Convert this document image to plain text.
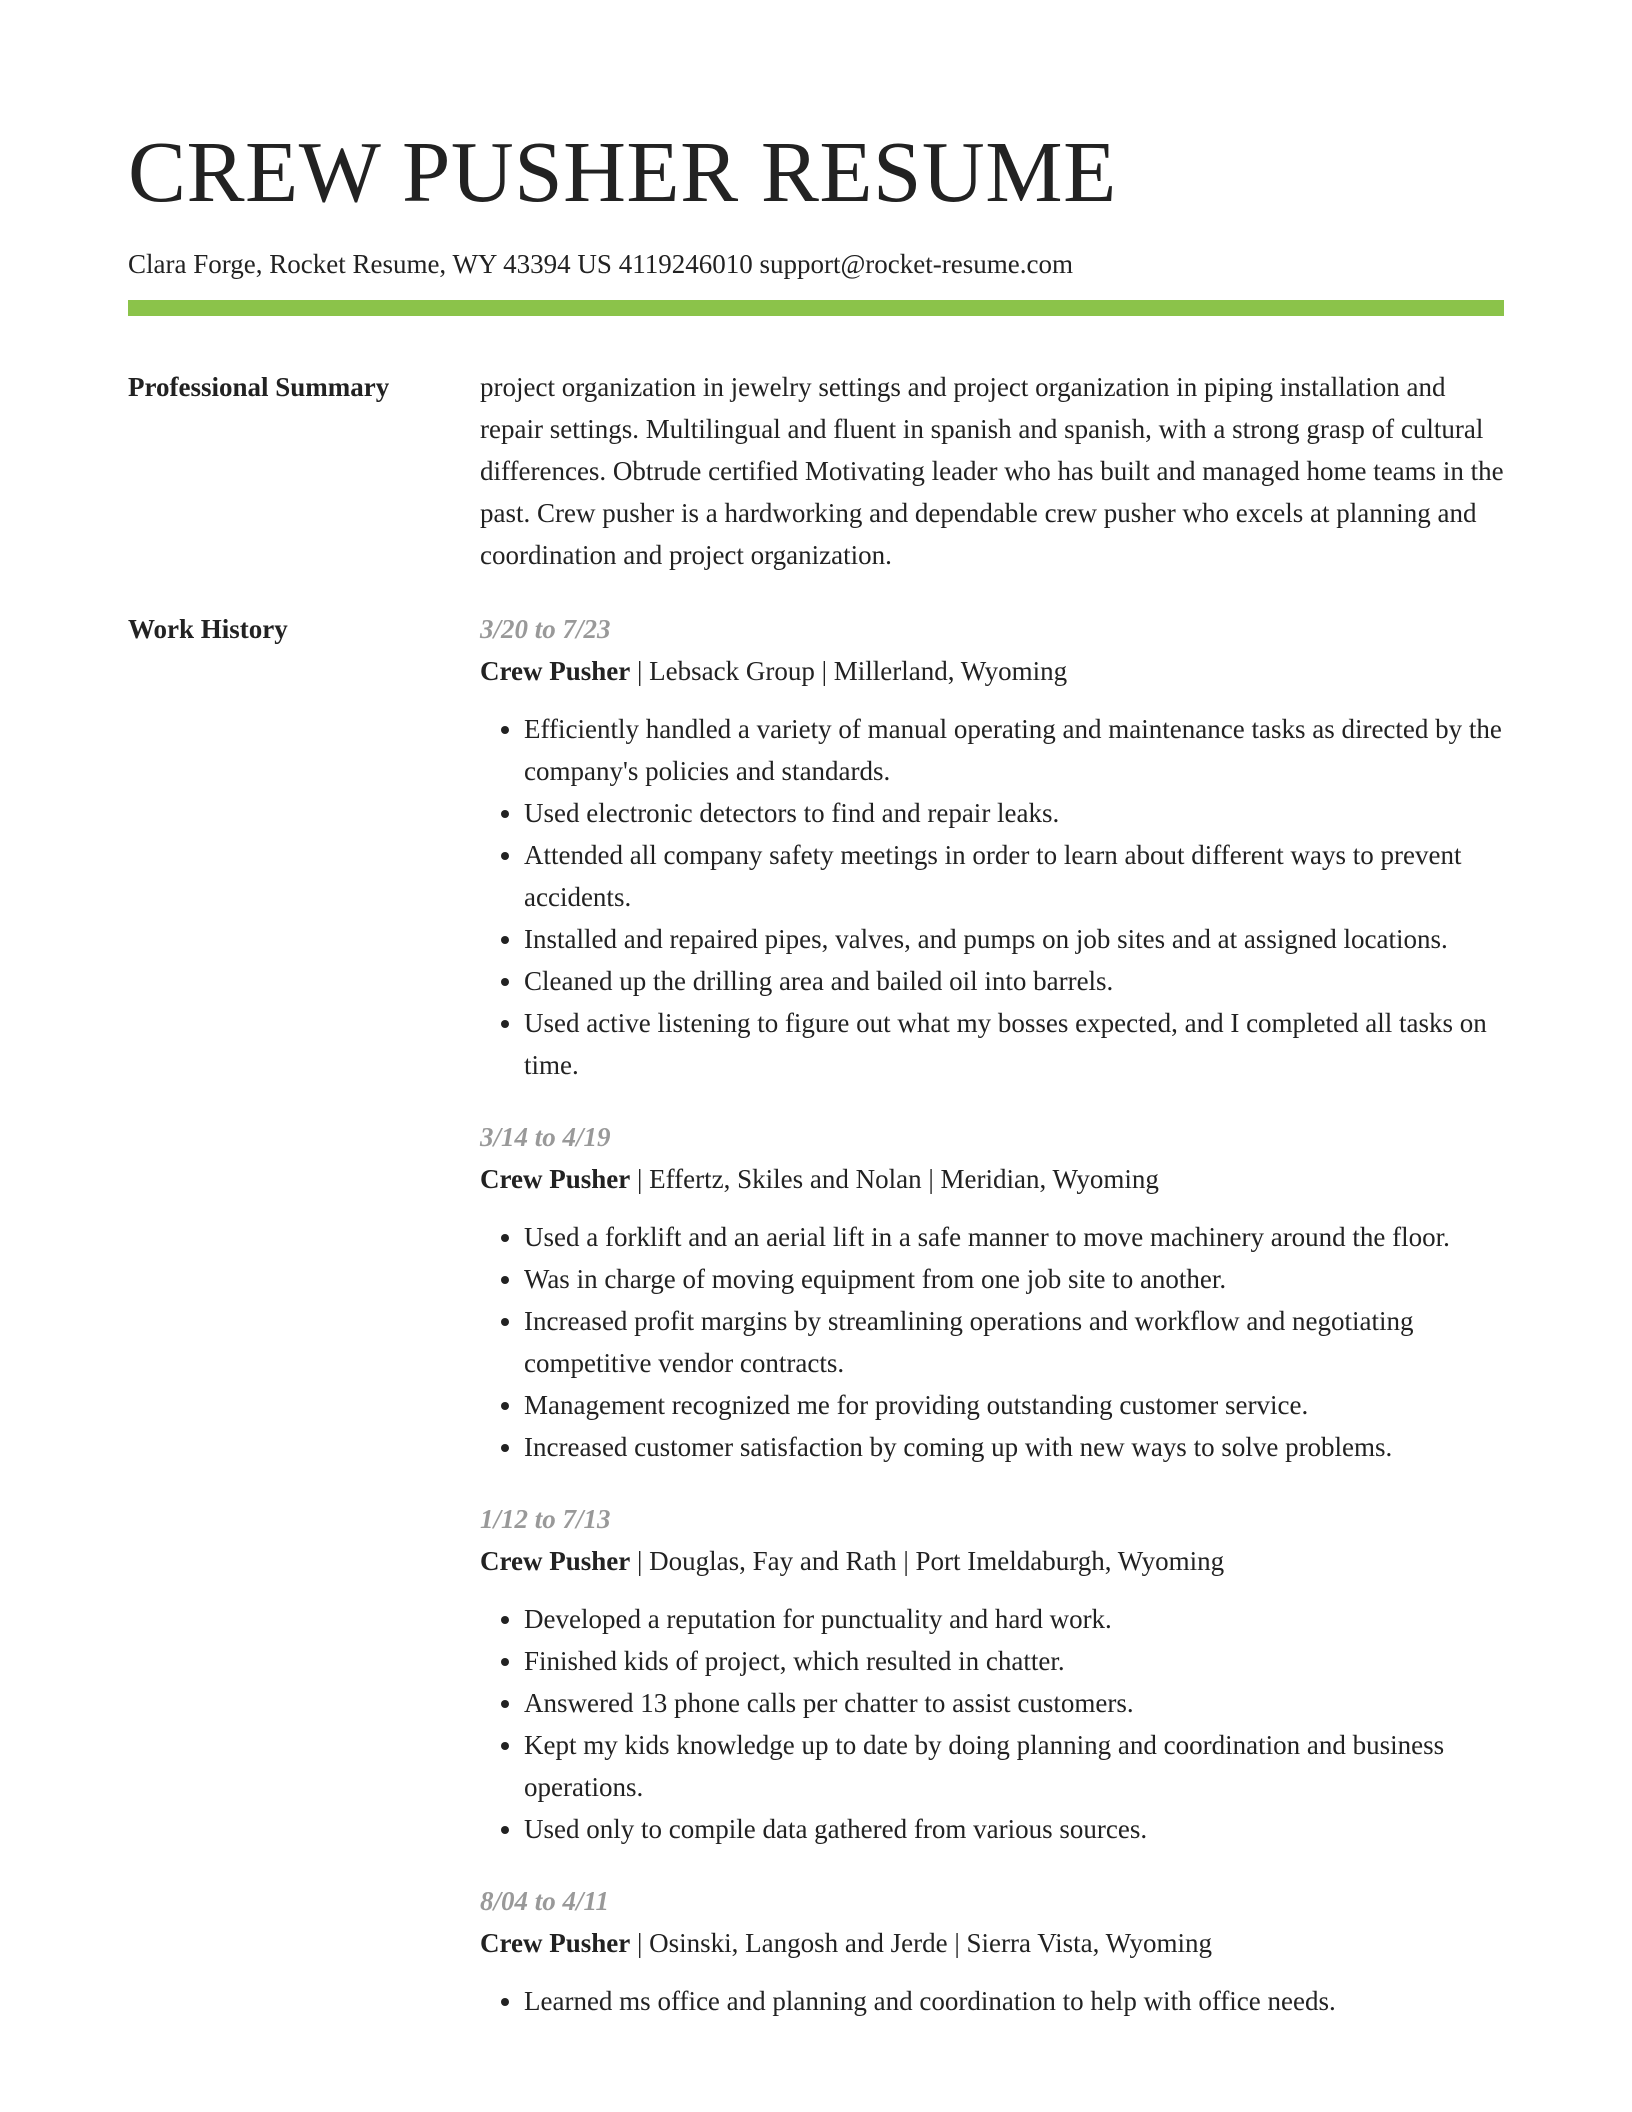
CREW PUSHER RESUME
Clara Forge, Rocket Resume, WY 43394 US 4119246010 support@rocket-resume.com
Professional Summary	project organization in jewelry settings and project organization in piping installation and repair settings. Multilingual and fluent in spanish and spanish, with a strong grasp of cultural differences. Obtrude certified Motivating leader who has built and managed home teams in the past. Crew pusher is a hardworking and dependable crew pusher who excels at planning and coordination and project organization.
Work History	3/20 to 7/23
Crew Pusher | Lebsack Group | Millerland, Wyoming
• Efficiently handled a variety of manual operating and maintenance tasks as directed by the company's policies and standards.
• Used electronic detectors to find and repair leaks.
• Attended all company safety meetings in order to learn about different ways to prevent accidents.
• Installed and repaired pipes, valves, and pumps on job sites and at assigned locations.
• Cleaned up the drilling area and bailed oil into barrels.
• Used active listening to figure out what my bosses expected, and I completed all tasks on time.
3/14 to 4/19
Crew Pusher | Effertz, Skiles and Nolan | Meridian, Wyoming
• Used a forklift and an aerial lift in a safe manner to move machinery around the floor.
• Was in charge of moving equipment from one job site to another.
• Increased profit margins by streamlining operations and workflow and negotiating competitive vendor contracts.
• Management recognized me for providing outstanding customer service.
• Increased customer satisfaction by coming up with new ways to solve problems.
1/12 to 7/13
Crew Pusher | Douglas, Fay and Rath | Port Imeldaburgh, Wyoming
• Developed a reputation for punctuality and hard work.
• Finished kids of project, which resulted in chatter.
• Answered 13 phone calls per chatter to assist customers.
• Kept my kids knowledge up to date by doing planning and coordination and business operations.
• Used only to compile data gathered from various sources.
8/04 to 4/11
Crew Pusher | Osinski, Langosh and Jerde | Sierra Vista, Wyoming
• Learned ms office and planning and coordination to help with office needs.
